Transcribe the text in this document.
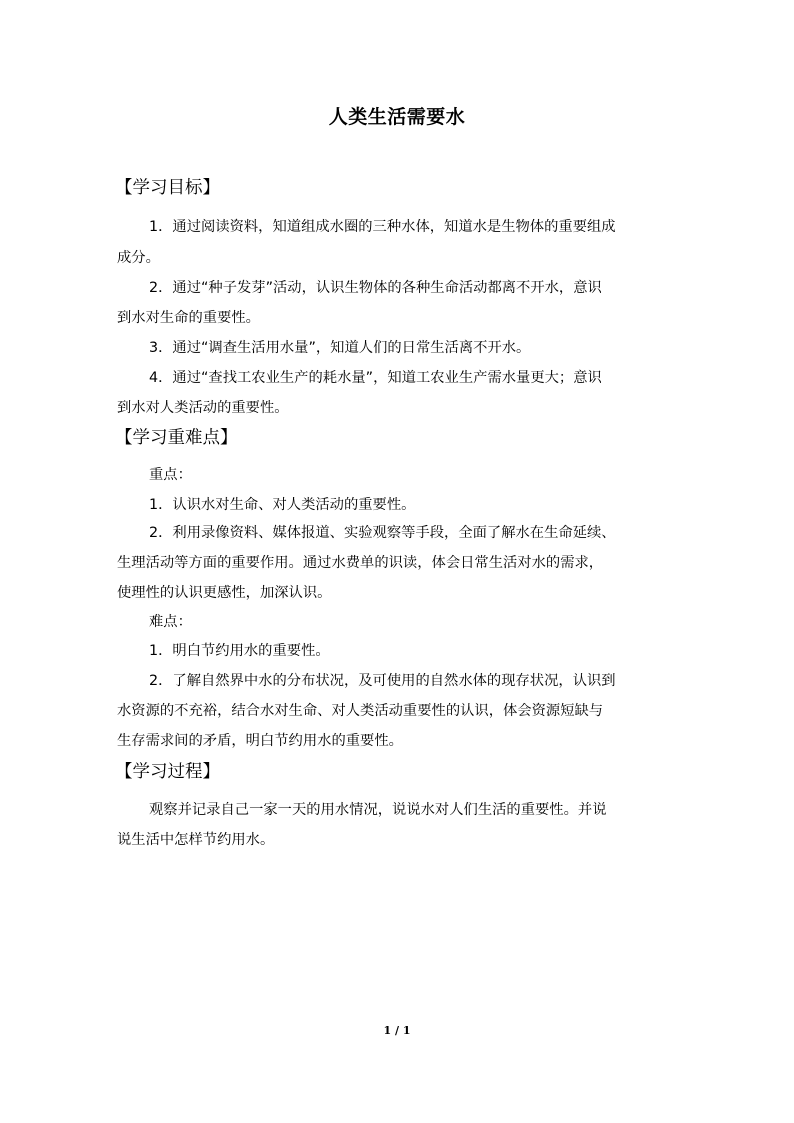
人类生活需要水
【学习目标】
1．通过阅读资料，知道组成水圈的三种水体，知道水是生物体的重要组成
成分。
2．通过“种子发芽”活动，认识生物体的各种生命活动都离不开水，意识
到水对生命的重要性。
3．通过“调查生活用水量”，知道人们的日常生活离不开水。
4．通过“查找工农业生产的耗水量”，知道工农业生产需水量更大；意识
到水对人类活动的重要性。
【学习重难点】
重点：
1．认识水对生命、对人类活动的重要性。
2．利用录像资料、媒体报道、实验观察等手段，全面了解水在生命延续、
生理活动等方面的重要作用。通过水费单的识读，体会日常生活对水的需求，
使理性的认识更感性，加深认识。
难点：
1．明白节约用水的重要性。
2．了解自然界中水的分布状况，及可使用的自然水体的现存状况，认识到
水资源的不充裕，结合水对生命、对人类活动重要性的认识，体会资源短缺与
生存需求间的矛盾，明白节约用水的重要性。
【学习过程】
观察并记录自己一家一天的用水情况，说说水对人们生活的重要性。并说
说生活中怎样节约用水。
1 / 1
